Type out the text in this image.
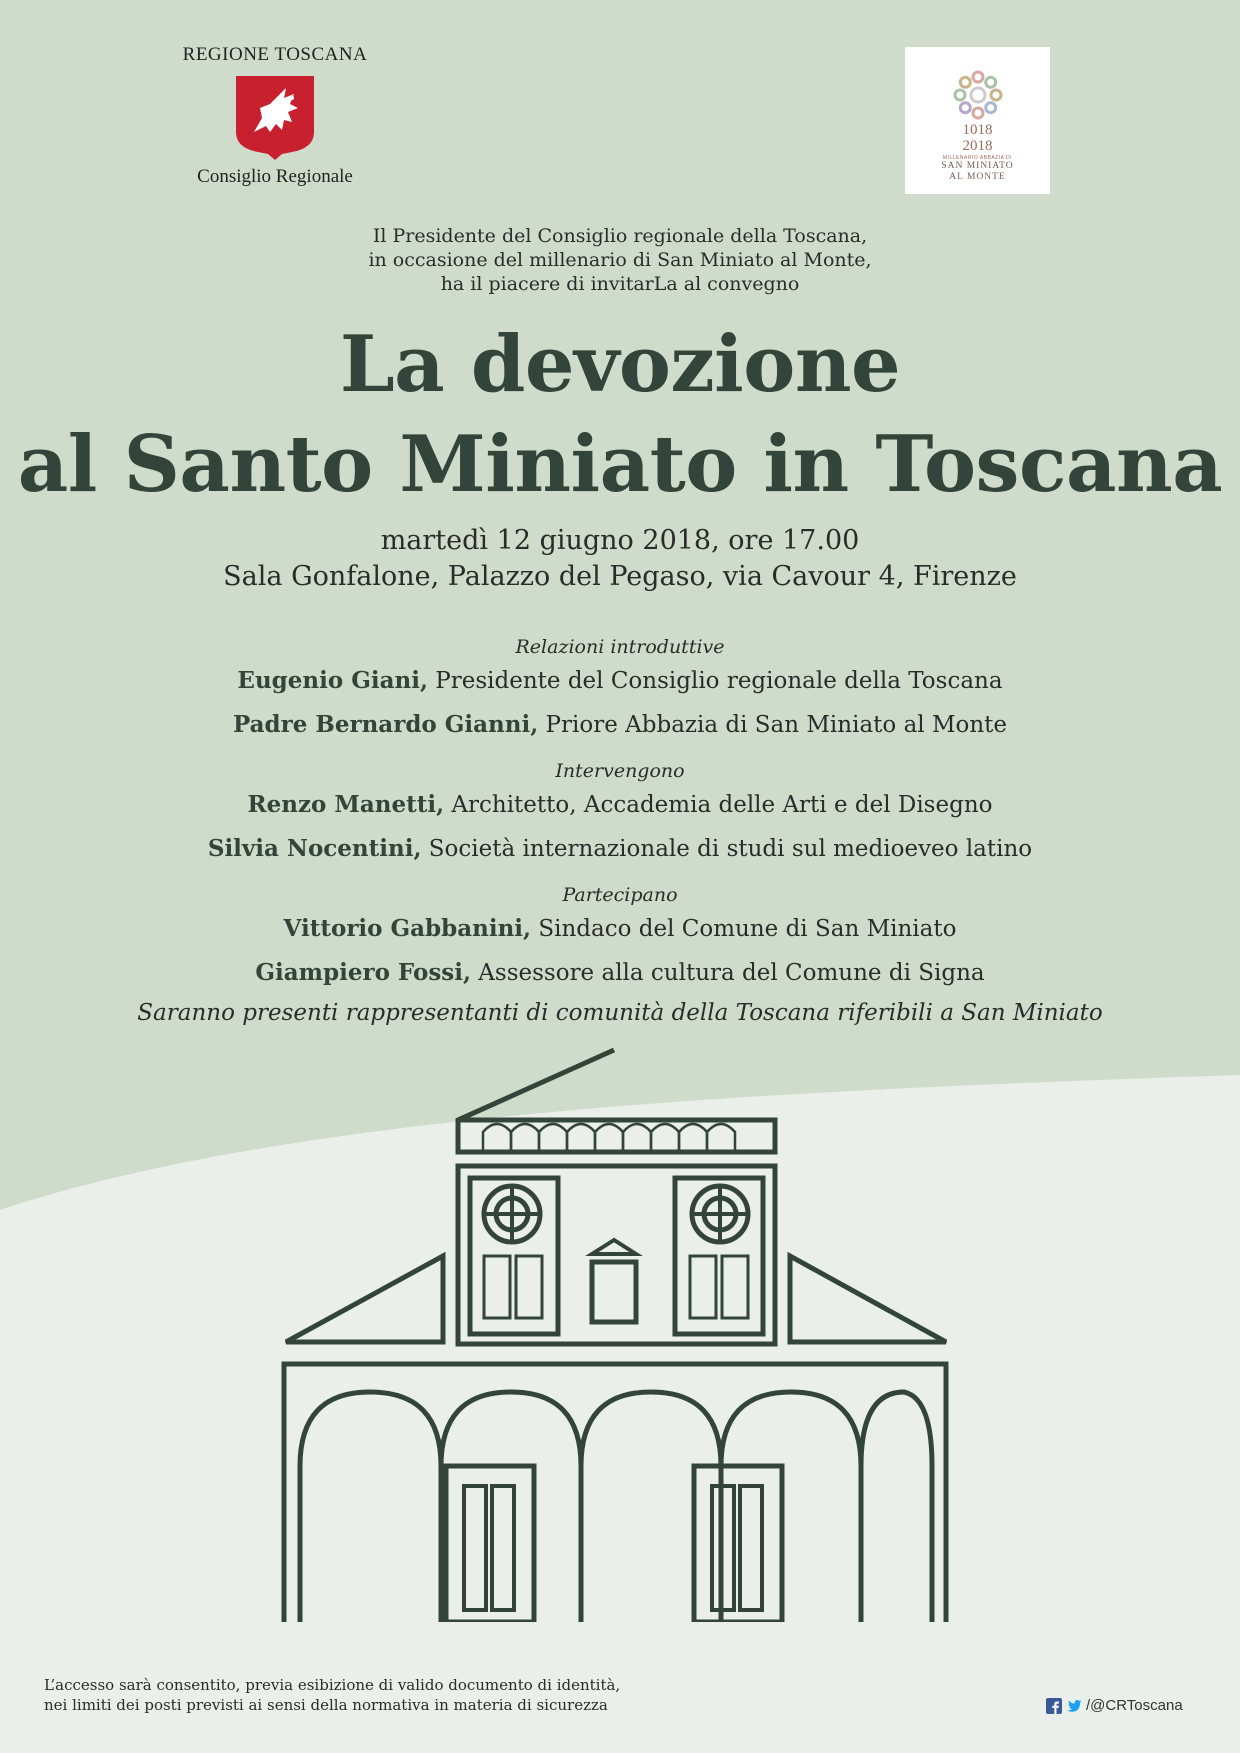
REGIONE TOSCANA
Consiglio Regionale
1018
2018
MILLENARIO ABBAZIA DI
SAN MINIATO
AL MONTE
Il Presidente del Consiglio regionale della Toscana,
in occasione del millenario di San Miniato al Monte,
ha il piacere di invitarLa al convegno
La devozione
al Santo Miniato in Toscana
martedì 12 giugno 2018, ore 17.00
Sala Gonfalone, Palazzo del Pegaso, via Cavour 4, Firenze
Relazioni introduttive
Eugenio Giani, Presidente del Consiglio regionale della Toscana
Padre Bernardo Gianni, Priore Abbazia di San Miniato al Monte
Intervengono
Renzo Manetti, Architetto, Accademia delle Arti e del Disegno
Silvia Nocentini, Società internazionale di studi sul medioeveo latino
Partecipano
Vittorio Gabbanini, Sindaco del Comune di San Miniato
Giampiero Fossi, Assessore alla cultura del Comune di Signa
Saranno presenti rappresentanti di comunità della Toscana riferibili a San Miniato
L’accesso sarà consentito, previa esibizione di valido documento di identità,
nei limiti dei posti previsti ai sensi della normativa in materia di sicurezza	/@CRToscana
